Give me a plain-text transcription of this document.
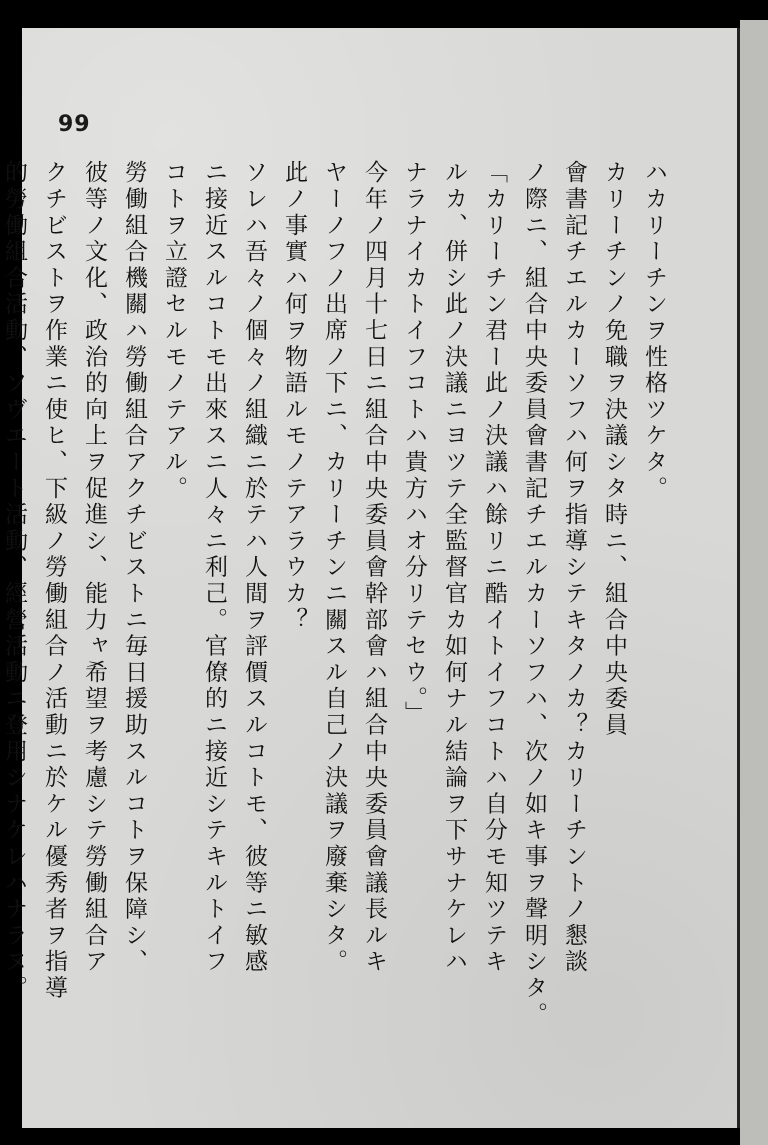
99
ハカリーチンヲ性格ツケタ。
カリーチンノ免職ヲ決議シタ時ニ、組合中央委員
會書記チエルカーソフハ何ヲ指導シテキタノカ？カリーチントノ懇談
ノ際ニ、組合中央委員會書記チエルカーソフハ、次ノ如キ事ヲ聲明シタ。
「カリーチン君ー此ノ決議ハ餘リニ酷イトイフコトハ自分モ知ツテキ
ルカ、併シ此ノ決議ニヨツテ全監督官カ如何ナル結論ヲ下サナケレハ
ナラナイカトイフコトハ貴方ハオ分リテセウ。」
今年ノ四月十七日ニ組合中央委員會幹部會ハ組合中央委員會議長ルキ
ヤーノフノ出席ノ下ニ、カリーチンニ關スル自己ノ決議ヲ廢棄シタ。
此ノ事實ハ何ヲ物語ルモノテアラウカ？
ソレハ吾々ノ個々ノ組織ニ於テハ人間ヲ評價スルコトモ、彼等ニ敏感
ニ接近スルコトモ出來スニ人々ニ利己。官僚的ニ接近シテキルトイフ
コトヲ立證セルモノテアル。
勞働組合機關ハ勞働組合アクチビストニ毎日援助スルコトヲ保障シ、
彼等ノ文化、政治的向上ヲ促進シ、能力ャ希望ヲ考慮シテ勞働組合ア
クチビストヲ作業ニ使ヒ、下級ノ勞働組合ノ活動ニ於ケル優秀者ヲ指導
的勞働組合活動、ソヴエート活動、經營活動ニ登用シナケレハナラヌ。
